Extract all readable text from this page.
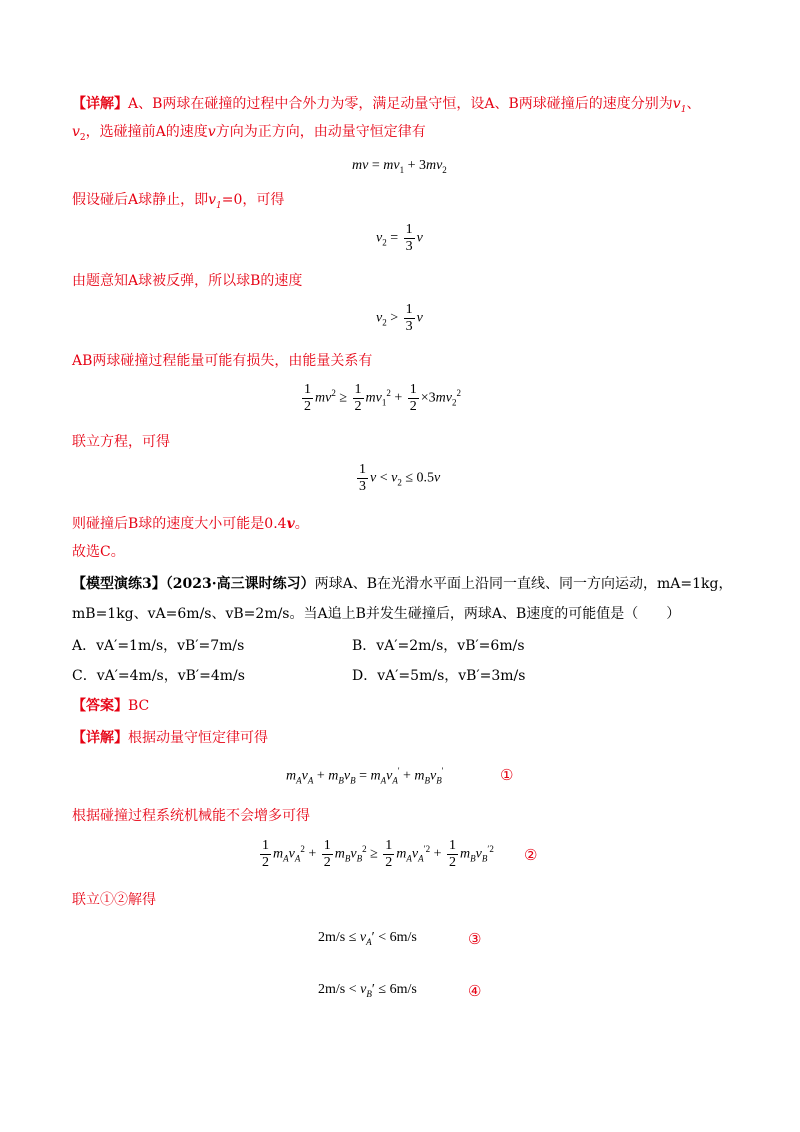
【详解】A、B两球在碰撞的过程中合外力为零，满足动量守恒，设A、B两球碰撞后的速度分别为$v_1$、
$v_2$，选碰撞前A的速度v方向为正方向，由动量守恒定律有
mv = $mv_1 + 3mv_2$
假设碰后A球静止，即$v_1=0$，可得
$v_2 = \frac{1}{3}$ v
由题意知A球被反弹，所以球B的速度
$v_2 > \frac{1}{3}$ v
AB两球碰撞过程能量可能有损失，由能量关系有
$\frac{1}{2} mv^2 \ge \frac{1}{2} mv_1^2 + \frac{1}{2} \times 3mv_2^2$
联立方程，可得
$\frac{1}{3}$ $v < v_2 \le 0.5v$
则碰撞后B球的速度大小可能是0.4v。
故选C。
【模型演练3】（2023·高三课时练习）两球A、B在光滑水平面上沿同一直线、同一方向运动，mA=1kg，
mB=1kg、vA=6m/s、vB=2m/s。当A追上B并发生碰撞后，两球A、B速度的可能值是（　　）
A．vA′=1m/s，vB′=7m/s	B．vA′=2m/s，vB′=6m/s
C．vA′=4m/s，vB′=4m/s	D．vA′=5m/s，vB′=3m/s
【答案】BC
【详解】根据动量守恒定律可得
$m_Av_A + m_Bv_B = m_Av_A' + m_Bv_B'$	①
根据碰撞过程系统机械能不会增多可得
$\frac{1}{2} m_Av_A^2 + \frac{1}{2} m_Bv_B^2 \ge \frac{1}{2} m_Av_A^{'2} + \frac{1}{2} m_Bv_B^{'2}$ ②
联立①②解得
$2m/s \le v_A' < 6m/s$	③
$2m/s < v_B' \le 6m/s$	④
